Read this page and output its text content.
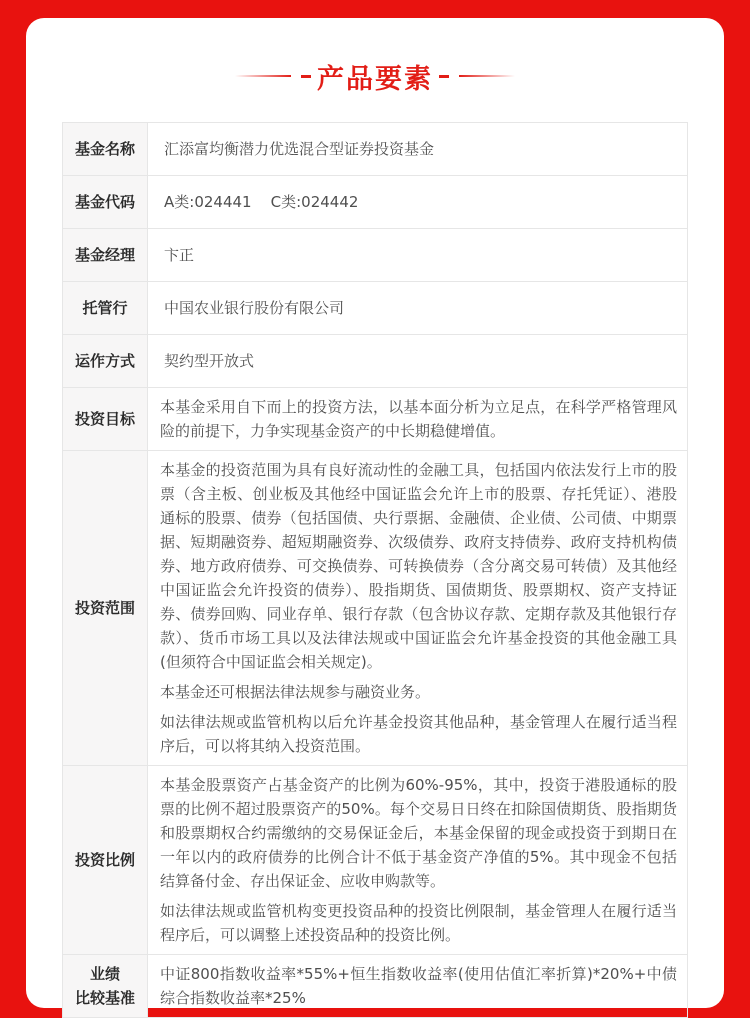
产品要素
基金名称	汇添富均衡潜力优选混合型证券投资基金
基金代码	A类:024441    C类:024442
基金经理	卞正
托管行	中国农业银行股份有限公司
运作方式	契约型开放式
投资目标	本基金采用自下而上的投资方法，以基本面分析为立足点，在科学严格管理风险的前提下，力争实现基金资产的中长期稳健增值。
投资范围	本基金的投资范围为具有良好流动性的金融工具，包括国内依法发行上市的股票（含主板、创业板及其他经中国证监会允许上市的股票、存托凭证）、港股通标的股票、债券（包括国债、央行票据、金融债、企业债、公司债、中期票据、短期融资券、超短期融资券、次级债券、政府支持债券、政府支持机构债券、地方政府债券、可交换债券、可转换债券（含分离交易可转债）及其他经中国证监会允许投资的债券）、股指期货、国债期货、股票期权、资产支持证券、债券回购、同业存单、银行存款（包含协议存款、定期存款及其他银行存款）、货币市场工具以及法律法规或中国证监会允许基金投资的其他金融工具(但须符合中国证监会相关规定)。

本基金还可根据法律法规参与融资业务。

如法律法规或监管机构以后允许基金投资其他品种，基金管理人在履行适当程序后，可以将其纳入投资范围。

投资比例	本基金股票资产占基金资产的比例为60%-95%，其中，投资于港股通标的股票的比例不超过股票资产的50%。每个交易日日终在扣除国债期货、股指期货和股票期权合约需缴纳的交易保证金后，本基金保留的现金或投资于到期日在一年以内的政府债券的比例合计不低于基金资产净值的5%。其中现金不包括结算备付金、存出保证金、应收申购款等。

如法律法规或监管机构变更投资品种的投资比例限制，基金管理人在履行适当程序后，可以调整上述投资品种的投资比例。

业绩
比较基准	中证800指数收益率*55%+恒生指数收益率(使用估值汇率折算)*20%+中债综合指数收益率*25%
